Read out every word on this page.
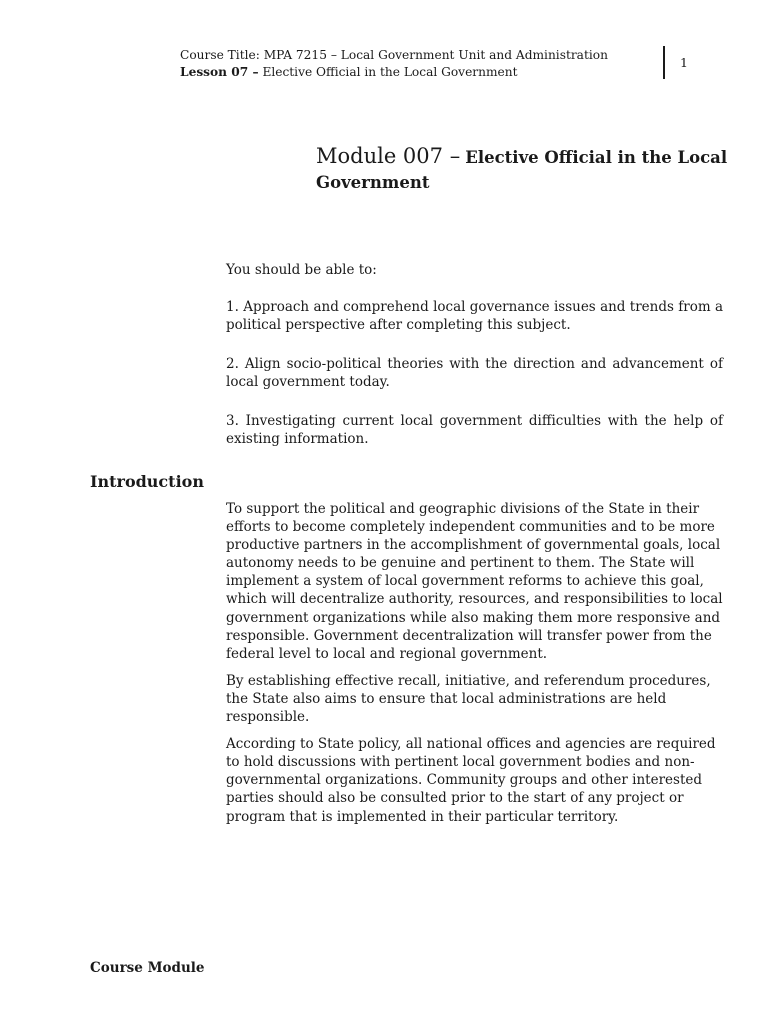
Course Title: MPA 7215 – Local Government Unit and Administration
Lesson 07 – Elective Official in the Local Government
1
Module 007 – Elective Official in the Local Government

You should be able to:

1. Approach and comprehend local governance issues and trends from a political perspective after completing this subject.

2. Align socio-political theories with the direction and advancement of local government today.

3. Investigating current local government difficulties with the help of existing information.

Introduction

To support the political and geographic divisions of the State in their efforts to become completely independent communities and to be more productive partners in the accomplishment of governmental goals, local autonomy needs to be genuine and pertinent to them. The State will implement a system of local government reforms to achieve this goal, which will decentralize authority, resources, and responsibilities to local government organizations while also making them more responsive and responsible. Government decentralization will transfer power from the federal level to local and regional government.

By establishing effective recall, initiative, and referendum procedures, the State also aims to ensure that local administrations are held responsible.

According to State policy, all national offices and agencies are required to hold discussions with pertinent local government bodies and non-governmental organizations. Community groups and other interested parties should also be consulted prior to the start of any project or program that is implemented in their particular territory.

Course Module
